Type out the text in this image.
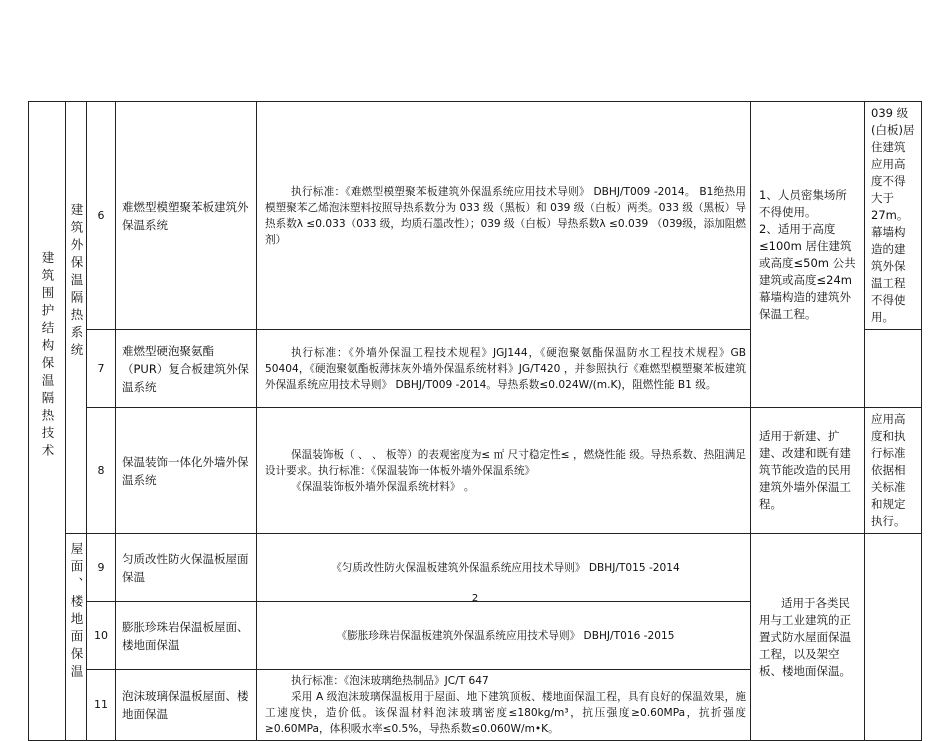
建筑围护结构保温隔热技术	建筑外保温隔热系统	6	难燃型模塑聚苯板建筑外保温系统	执行标准：《难燃型模塑聚苯板建筑外保温系统应用技术导则》 DBHJ/T009 -2014。 B1绝热用模塑聚苯乙烯泡沫塑料按照导热系数分为 033 级（黑板）和 039 级（白板）两类。033 级（黑板）导热系数λ ≤0.033（033 级，均质石墨改性）；039 级（白板）导热系数λ ≤0.039 （039级，添加阻燃剂）	1、人员密集场所不得使用。
2、适用于高度≤100m 居住建筑或高度≤50m 公共建筑或高度≤24m 幕墙构造的建筑外保温工程。	039 级(白板)居住建筑应用高度不得大于 27m。幕墙构造的建筑外保温工程不得使用。

		7	难燃型硬泡聚氨酯（PUR）复合板建筑外保温系统	执行标准：《外墙外保温工程技术规程》JGJ144，《硬泡聚氨酯保温防水工程技术规程》GB 50404，《硬泡聚氨酯板薄抹灰外墙外保温系统材料》JG/T420 ，并参照执行《难燃型模塑聚苯板建筑外保温系统应用技术导则》 DBHJ/T009 -2014。导热系数≤0.024W/(m.K)，阻燃性能 B1 级。		

		8	保温装饰一体化外墙外保温系统	保温装饰板（ 、 、 板等）的表观密度为≤ ㎡ 尺寸稳定性≤ ，燃烧性能 级。导热系数、热阻满足设计要求。执行标准：《保温装饰一体板外墙外保温系统》
《保温装饰板外墙外保温系统材料》 。	适用于新建、扩建、改建和既有建筑节能改造的民用建筑外墙外保温工程。	应用高度和执行标准依据相关标准和规定执行。

	屋面、楼地面保温	9	匀质改性防火保温板屋面保温	《匀质改性防火保温板建筑外保温系统应用技术导则》 DBHJ/T015 -2014	适用于各类民用与工业建筑的正置式防水屋面保温工程，以及架空板、楼地面保温。	

		10	膨胀珍珠岩保温板屋面、楼地面保温	《膨胀珍珠岩保温板建筑外保温系统应用技术导则》 DBHJ/T016 -2015		

		11	泡沫玻璃保温板屋面、楼地面保温	执行标准：《泡沫玻璃绝热制品》JC/T 647
采用 A 级泡沫玻璃保温板用于屋面、地下建筑顶板、楼地面保温工程，具有良好的保温效果，施工速度快，造价低。该保温材料泡沫玻璃密度≤180kg/m³，抗压强度≥0.60MPa，抗折强度≥0.60MPa，体积吸水率≤0.5%，导热系数≤0.060W/m•K。		
2
